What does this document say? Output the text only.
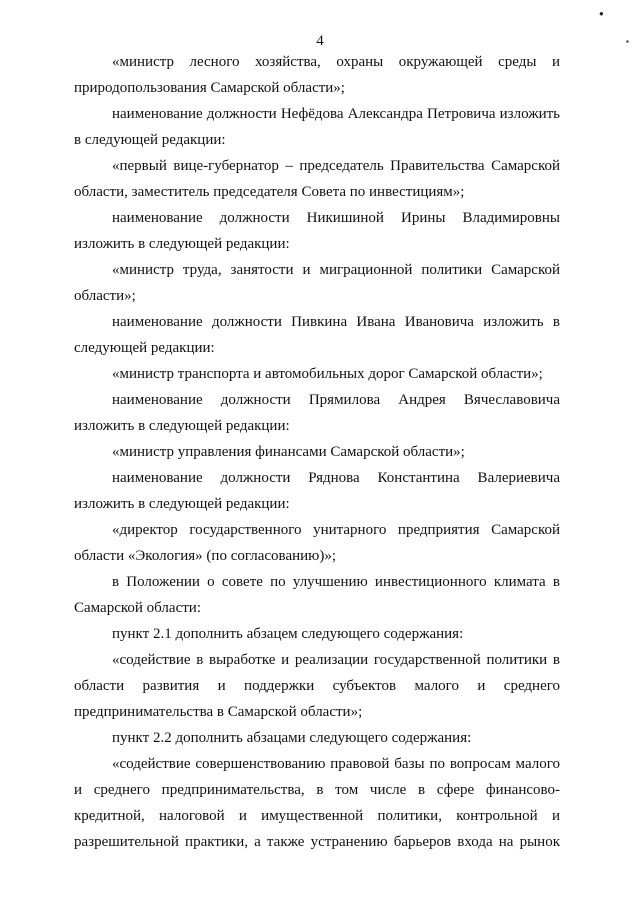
4
●
▪

«министр лесного хозяйства, охраны окружающей среды и природопользования Самарской области»;

наименование должности Нефёдова Александра Петровича изложить в следующей редакции:

«первый вице-губернатор – председатель Правительства Самарской области, заместитель председателя Совета по инвестициям»;

наименование должности Никишиной Ирины Владимировны изложить в следующей редакции:

«министр труда, занятости и миграционной политики Самарской области»;

наименование должности Пивкина Ивана Ивановича изложить в следующей редакции:

«министр транспорта и автомобильных дорог Самарской области»;

наименование должности Прямилова Андрея Вячеславовича изложить в следующей редакции:

«министр управления финансами Самарской области»;

наименование должности Ряднова Константина Валериевича изложить в следующей редакции:

«директор государственного унитарного предприятия Самарской области «Экология» (по согласованию)»;

в Положении о совете по улучшению инвестиционного климата в Самарской области:

пункт 2.1 дополнить абзацем следующего содержания:

«содействие в выработке и реализации государственной политики в области развития и поддержки субъектов малого и среднего предпринимательства в Самарской области»;

пункт 2.2 дополнить абзацами следующего содержания:

«содействие совершенствованию правовой базы по вопросам малого и среднего предпринимательства, в том числе в сфере финансово-кредитной, налоговой и имущественной политики, контрольной и разрешительной практики, а также устранению барьеров входа на рынок
